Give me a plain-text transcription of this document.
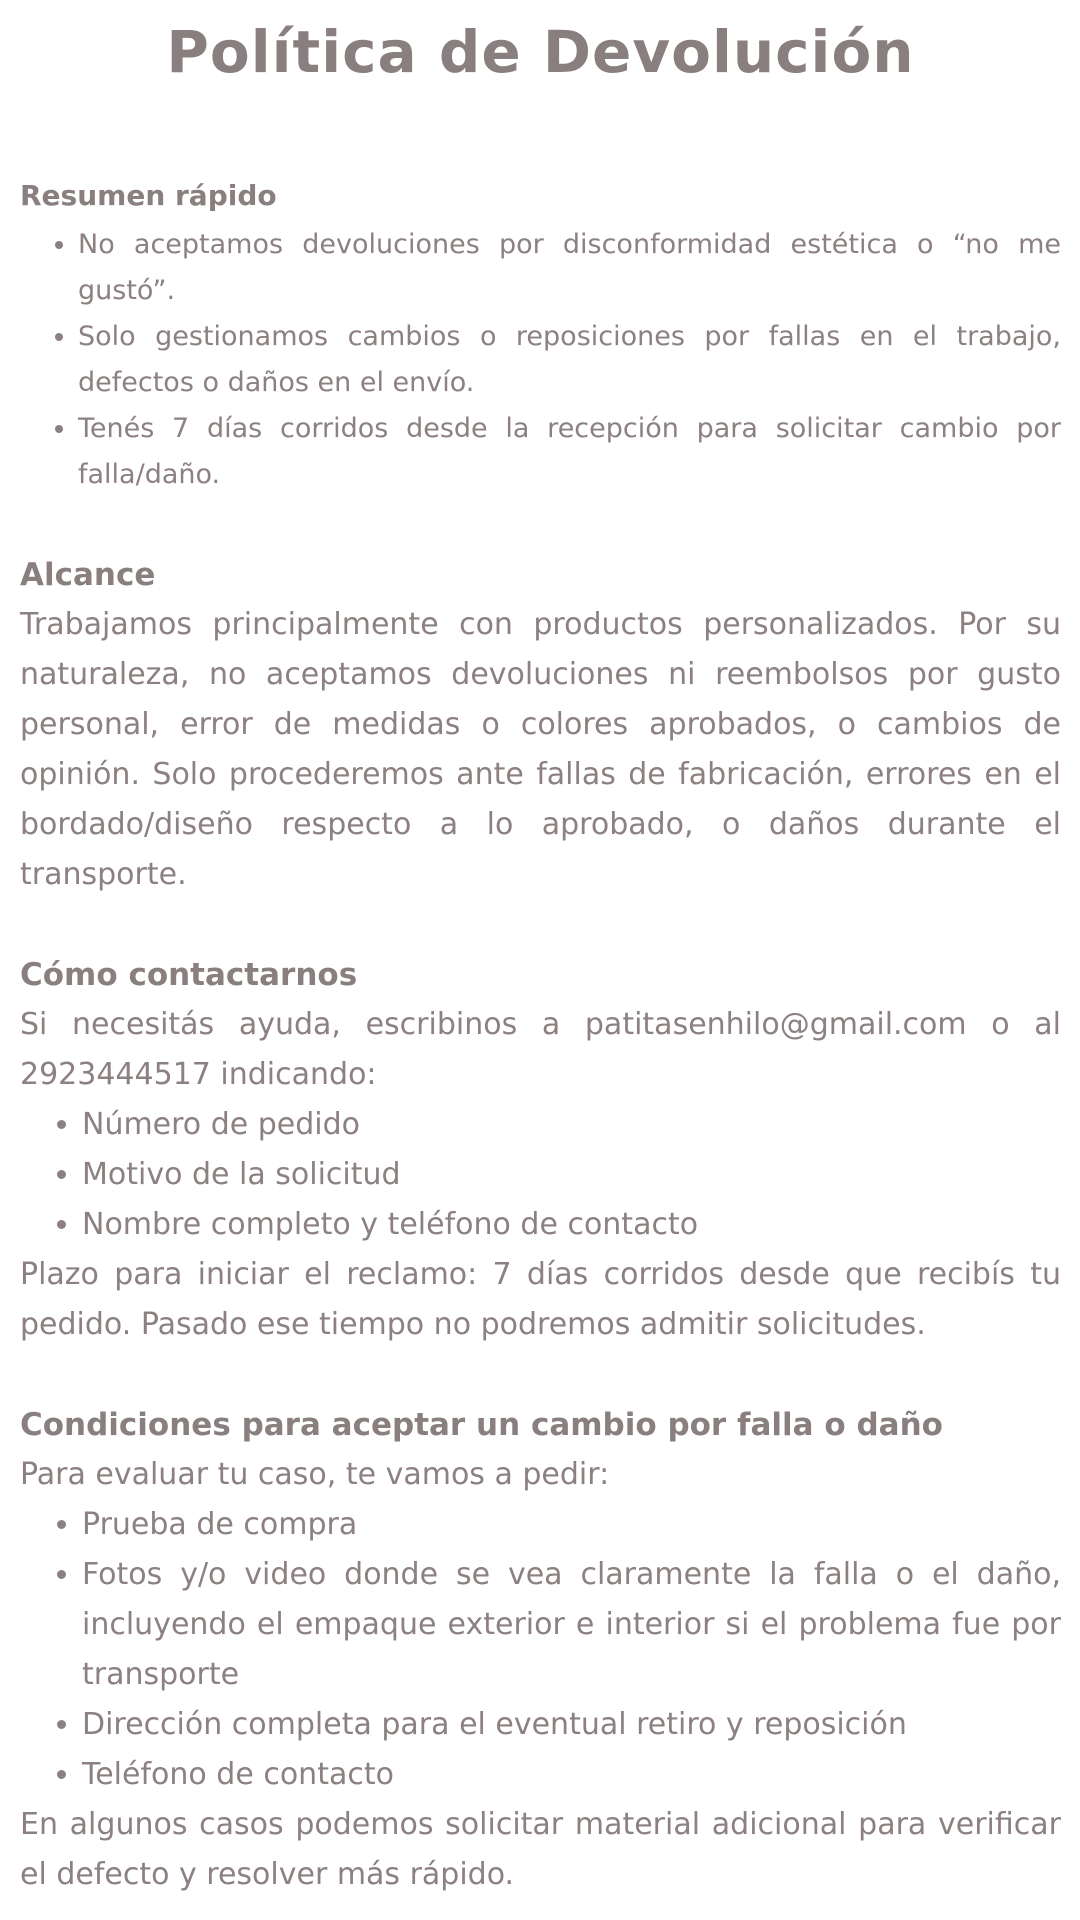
Política de Devolución
Resumen rápido
• No aceptamos devoluciones por disconformidad estética o “no me gustó”.
• Solo gestionamos cambios o reposiciones por fallas en el trabajo, defectos o daños en el envío.
• Tenés 7 días corridos desde la recepción para solicitar cambio por falla/daño.
Alcance

Trabajamos principalmente con productos personalizados. Por su naturaleza, no aceptamos devoluciones ni reembolsos por gusto personal, error de medidas o colores aprobados, o cambios de opinión. Solo procederemos ante fallas de fabricación, errores en el bordado/diseño respecto a lo aprobado, o daños durante el transporte.

Cómo contactarnos

Si necesitás ayuda, escribinos a patitasenhilo@gmail.com o al 2923444517 indicando:

• Número de pedido
• Motivo de la solicitud
• Nombre completo y teléfono de contacto

Plazo para iniciar el reclamo: 7 días corridos desde que recibís tu pedido. Pasado ese tiempo no podremos admitir solicitudes.

Condiciones para aceptar un cambio por falla o daño

Para evaluar tu caso, te vamos a pedir:

• Prueba de compra
• Fotos y/o video donde se vea claramente la falla o el daño, incluyendo el empaque exterior e interior si el problema fue por transporte
• Dirección completa para el eventual retiro y reposición
• Teléfono de contacto

En algunos casos podemos solicitar material adicional para verificar el defecto y resolver más rápido.
